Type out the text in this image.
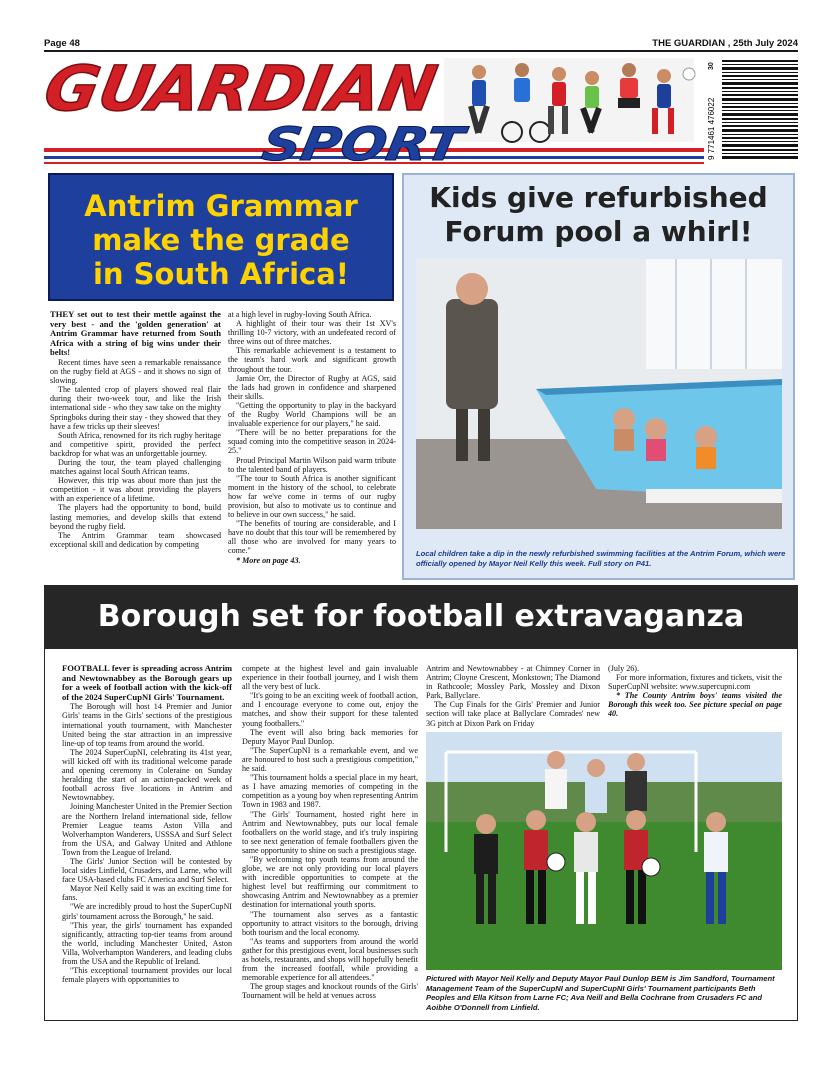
Page 48	THE GUARDIAN , 25th July 2024
GUARDIAN
SPORT	9 771461 476022
30
Antrim Grammar
make the grade
in South Africa!

THEY set out to test their mettle against the very best - and the 'golden generation' at Antrim Grammar have returned from South Africa with a string of big wins under their belts!

Recent times have seen a remarkable renaissance on the rugby field at AGS - and it shows no sign of slowing.

The talented crop of players showed real flair during their two-week tour, and like the Irish international side - who they saw take on the mighty Springboks during their stay - they showed that they have a few tricks up their sleeves!

South Africa, renowned for its rich rugby heritage and competitive spirit, provided the perfect backdrop for what was an unforgettable journey.

During the tour, the team played challenging matches against local South African teams.

However, this trip was about more than just the competition - it was about providing the players with an experience of a lifetime.

The players had the opportunity to bond, build lasting memories, and develop skills that extend beyond the rugby field.

The Antrim Grammar team showcased exceptional skill and dedication by competing

at a high level in rugby-loving South Africa.

A highlight of their tour was their 1st XV's thrilling 10-7 victory, with an undefeated record of three wins out of three matches.

This remarkable achievement is a testament to the team's hard work and significant growth throughout the tour.

Jamie Orr, the Director of Rugby at AGS, said the lads had grown in confidence and sharpened their skills.

"Getting the opportunity to play in the backyard of the Rugby World Champions will be an invaluable experience for our players," he said.

"There will be no better preparations for the squad coming into the competitive season in 2024-25."

Proud Principal Martin Wilson paid warm tribute to the talented band of players.

"The tour to South Africa is another significant moment in the history of the school, to celebrate how far we've come in terms of our rugby provision, but also to motivate us to continue and to believe in our own success," he said.

"The benefits of touring are considerable, and I have no doubt that this tour will be remembered by all those who are involved for many years to come."

* More on page 43.

Kids give refurbished
Forum pool a whirl!
Local children take a dip in the newly refurbished swimming facilities at the Antrim Forum, which were officially opened by Mayor Neil Kelly this week. Full story on P41.
Borough set for football extravaganza

FOOTBALL fever is spreading across Antrim and Newtownabbey as the Borough gears up for a week of football action with the kick-off of the 2024 SuperCupNI Girls' Tournament.

The Borough will host 14 Premier and Junior Girls' teams in the Girls' sections of the prestigious international youth tournament, with Manchester United being the star attraction in an impressive line-up of top teams from around the world.

The 2024 SuperCupNI, celebrating its 41st year, will kicked off with its traditional welcome parade and opening ceremony in Coleraine on Sunday heralding the start of an action-packed week of football across five locations in Antrim and Newtownabbey.

Joining Manchester United in the Premier Section are the Northern Ireland international side, fellow Premier League teams Aston Villa and Wolverhampton Wanderers, USSSA and Surf Select from the USA, and Galway United and Athlone Town from the League of Ireland.

The Girls' Junior Section will be contested by local sides Linfield, Crusaders, and Larne, who will face USA-based clubs FC America and Surf Select.

Mayor Neil Kelly said it was an exciting time for fans.

"We are incredibly proud to host the SuperCupNI girls' tournament across the Borough," he said.

"This year, the girls' tournament has expanded significantly, attracting top-tier teams from around the world, including Manchester United, Aston Villa, Wolverhampton Wanderers, and leading clubs from the USA and the Republic of Ireland.

"This exceptional tournament provides our local female players with opportunities to

compete at the highest level and gain invaluable experience in their football journey, and I wish them all the very best of luck.

"It's going to be an exciting week of football action, and I encourage everyone to come out, enjoy the matches, and show their support for these talented young footballers."

The event will also bring back memories for Deputy Mayor Paul Dunlop.

"The SuperCupNI is a remarkable event, and we are honoured to host such a prestigious competition," he said.

"This tournament holds a special place in my heart, as I have amazing memories of competing in the competition as a young boy when representing Antrim Town in 1983 and 1987.

"The Girls' Tournament, hosted right here in Antrim and Newtownabbey, puts our local female footballers on the world stage, and it's truly inspiring to see next generation of female footballers given the same opportunity to shine on such a prestigious stage.

"By welcoming top youth teams from around the globe, we are not only providing our local players with incredible opportunities to compete at the highest level but reaffirming our commitment to showcasing Antrim and Newtownabbey as a premier destination for international youth sports.

"The tournament also serves as a fantastic opportunity to attract visitors to the borough, driving both tourism and the local economy.

"As teams and supporters from around the world gather for this prestigious event, local businesses such as hotels, restaurants, and shops will hopefully benefit from the increased footfall, while providing a memorable experience for all attendees."

The group stages and knockout rounds of the Girls' Tournament will be held at venues across

Antrim and Newtownabbey - at Chimney Corner in Antrim; Cloyne Crescent, Monkstown; The Diamond in Rathcoole; Mossley Park, Mossley and Dixon Park, Ballyclare.

The Cup Finals for the Girls' Premier and Junior section will take place at Ballyclare Comrades' new 3G pitch at Dixon Park on Friday

(July 26).

For more information, fixtures and tickets, visit the SuperCupNI website: www.supercupni.com

* The County Antrim boys' teams visited the Borough this week too. See picture special on page 40.

Pictured with Mayor Neil Kelly and Deputy Mayor Paul Dunlop BEM is Jim Sandford, Tournament Management Team of the SuperCupNI and SuperCupNI Girls' Tournament participants Beth Peoples and Ella Kitson from Larne FC; Ava Neill and Bella Cochrane from Crusaders FC and Aoibhe O'Donnell from Linfield.
